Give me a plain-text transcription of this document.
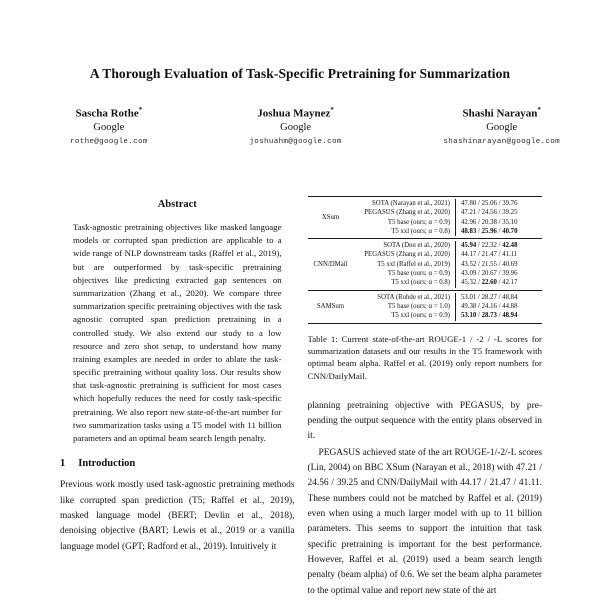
A Thorough Evaluation of Task-Specific Pretraining for Summarization
Sascha Rothe*
Google
rothe@google.com
Joshua Maynez*
Google
joshuahm@google.com
Shashi Narayan*
Google
shashinarayan@google.com
Abstract
Task-agnostic pretraining objectives like masked language models or corrupted span prediction are applicable to a wide range of NLP downstream tasks (Raffel et al., 2019), but are outperformed by task-specific pretraining objectives like predicting extracted gap sentences on summarization (Zhang et al., 2020). We compare three summarization specific pretraining objectives with the task agnostic corrupted span prediction pretraining in a controlled study. We also extend our study to a low resource and zero shot setup, to understand how many training examples are needed in order to ablate the task-specific pretraining without quality loss. Our results show that task-agnostic pretraining is sufficient for most cases which hopefully reduces the need for costly task-specific pretraining. We also report new state-of-the-art number for two summarization tasks using a T5 model with 11 billion parameters and an optimal beam search length penalty.
1 Introduction
Previous work mostly used task-agnostic pretraining methods like corrupted span prediction (T5; Raffel et al., 2019), masked language model (BERT; Devlin et al., 2018), denoising objective (BART; Lewis et al., 2019 or a vanilla language model (GPT; Radford et al., 2019). Intuitively it
XSum
SOTA (Narayan et al., 2021)	47.80 / 25.06 / 39.76
PEGASUS (Zhang et al., 2020)	47.21 / 24.56 / 39.25
T5 base (ours; α = 0.9)	42.96 / 20.38 / 35.10
T5 xxl (ours; α = 0.8)	48.83 / 25.96 / 40.70
CNN/DMail
SOTA (Dou et al., 2020)	45.94 / 22.32 / 42.48
PEGASUS (Zhang et al., 2020)	44.17 / 21.47 / 41.11
T5 xxl (Raffel et al., 2019)	43.52 / 21.55 / 40.69
T5 base (ours; α = 0.9)	43.09 / 20.67 / 39.96
T5 xxl (ours; α = 0.8)	45.32 / 22.60 / 42.17
SAMSum
SOTA (Rohde et al., 2021)	53.01 / 28.27 / 48.84
T5 base (ours; α = 1.0)	49.38 / 24.16 / 44.88
T5 xxl (ours; α = 0.9)	53.10 / 28.73 / 48.94
Table 1: Current state-of-the-art ROUGE-1 / -2 / -L scores for summarization datasets and our results in the T5 framework with optimal beam alpha. Raffel et al. (2019) only report numbers for CNN/DailyMail.
planning pretraining objective with PEGASUS, by pre-pending the output sequence with the entity plans observed in it.
PEGASUS achieved state of the art ROUGE-1/-2/-L scores (Lin, 2004) on BBC XSum (Narayan et al., 2018) with 47.21 / 24.56 / 39.25 and CNN/DailyMail with 44.17 / 21.47 / 41.11. These numbers could not be matched by Raffel et al. (2019) even when using a much larger model with up to 11 billion parameters. This seems to support the intuition that task specific pretraining is important for the best performance. However, Raffel et al. (2019) used a beam search length penalty (beam alpha) of 0.6. We set the beam alpha parameter to the optimal value and report new state of the art
